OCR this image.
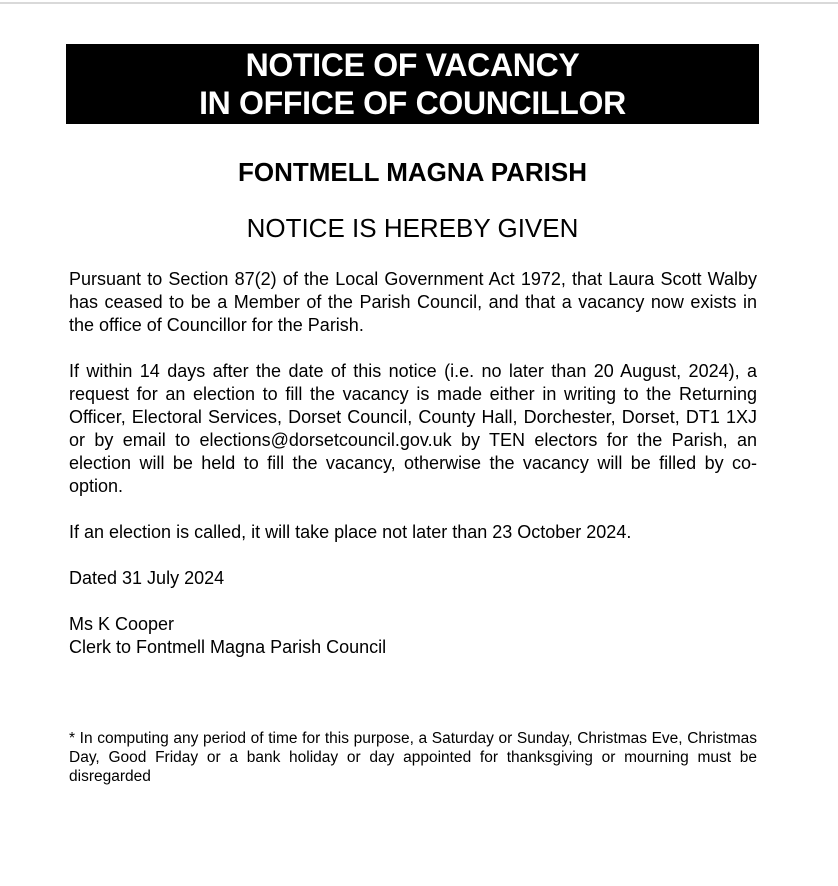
NOTICE OF VACANCY
IN OFFICE OF COUNCILLOR
FONTMELL MAGNA PARISH
NOTICE IS HEREBY GIVEN

Pursuant to Section 87(2) of the Local Government Act 1972, that Laura Scott Walby has ceased to be a Member of the Parish Council, and that a vacancy now exists in the office of Councillor for the Parish.

If within 14 days after the date of this notice (i.e. no later than 20 August, 2024), a request for an election to fill the vacancy is made either in writing to the Returning Officer, Electoral Services, Dorset Council, County Hall, Dorchester, Dorset, DT1 1XJ or by email to elections@dorsetcouncil.gov.uk by TEN electors for the Parish, an election will be held to fill the vacancy, otherwise the vacancy will be filled by co-option.

If an election is called, it will take place not later than 23 October 2024.

Dated 31 July 2024

Ms K Cooper
Clerk to Fontmell Magna Parish Council

* In computing any period of time for this purpose, a Saturday or Sunday, Christmas Eve, Christmas Day, Good Friday or a bank holiday or day appointed for thanksgiving or mourning must be disregarded
